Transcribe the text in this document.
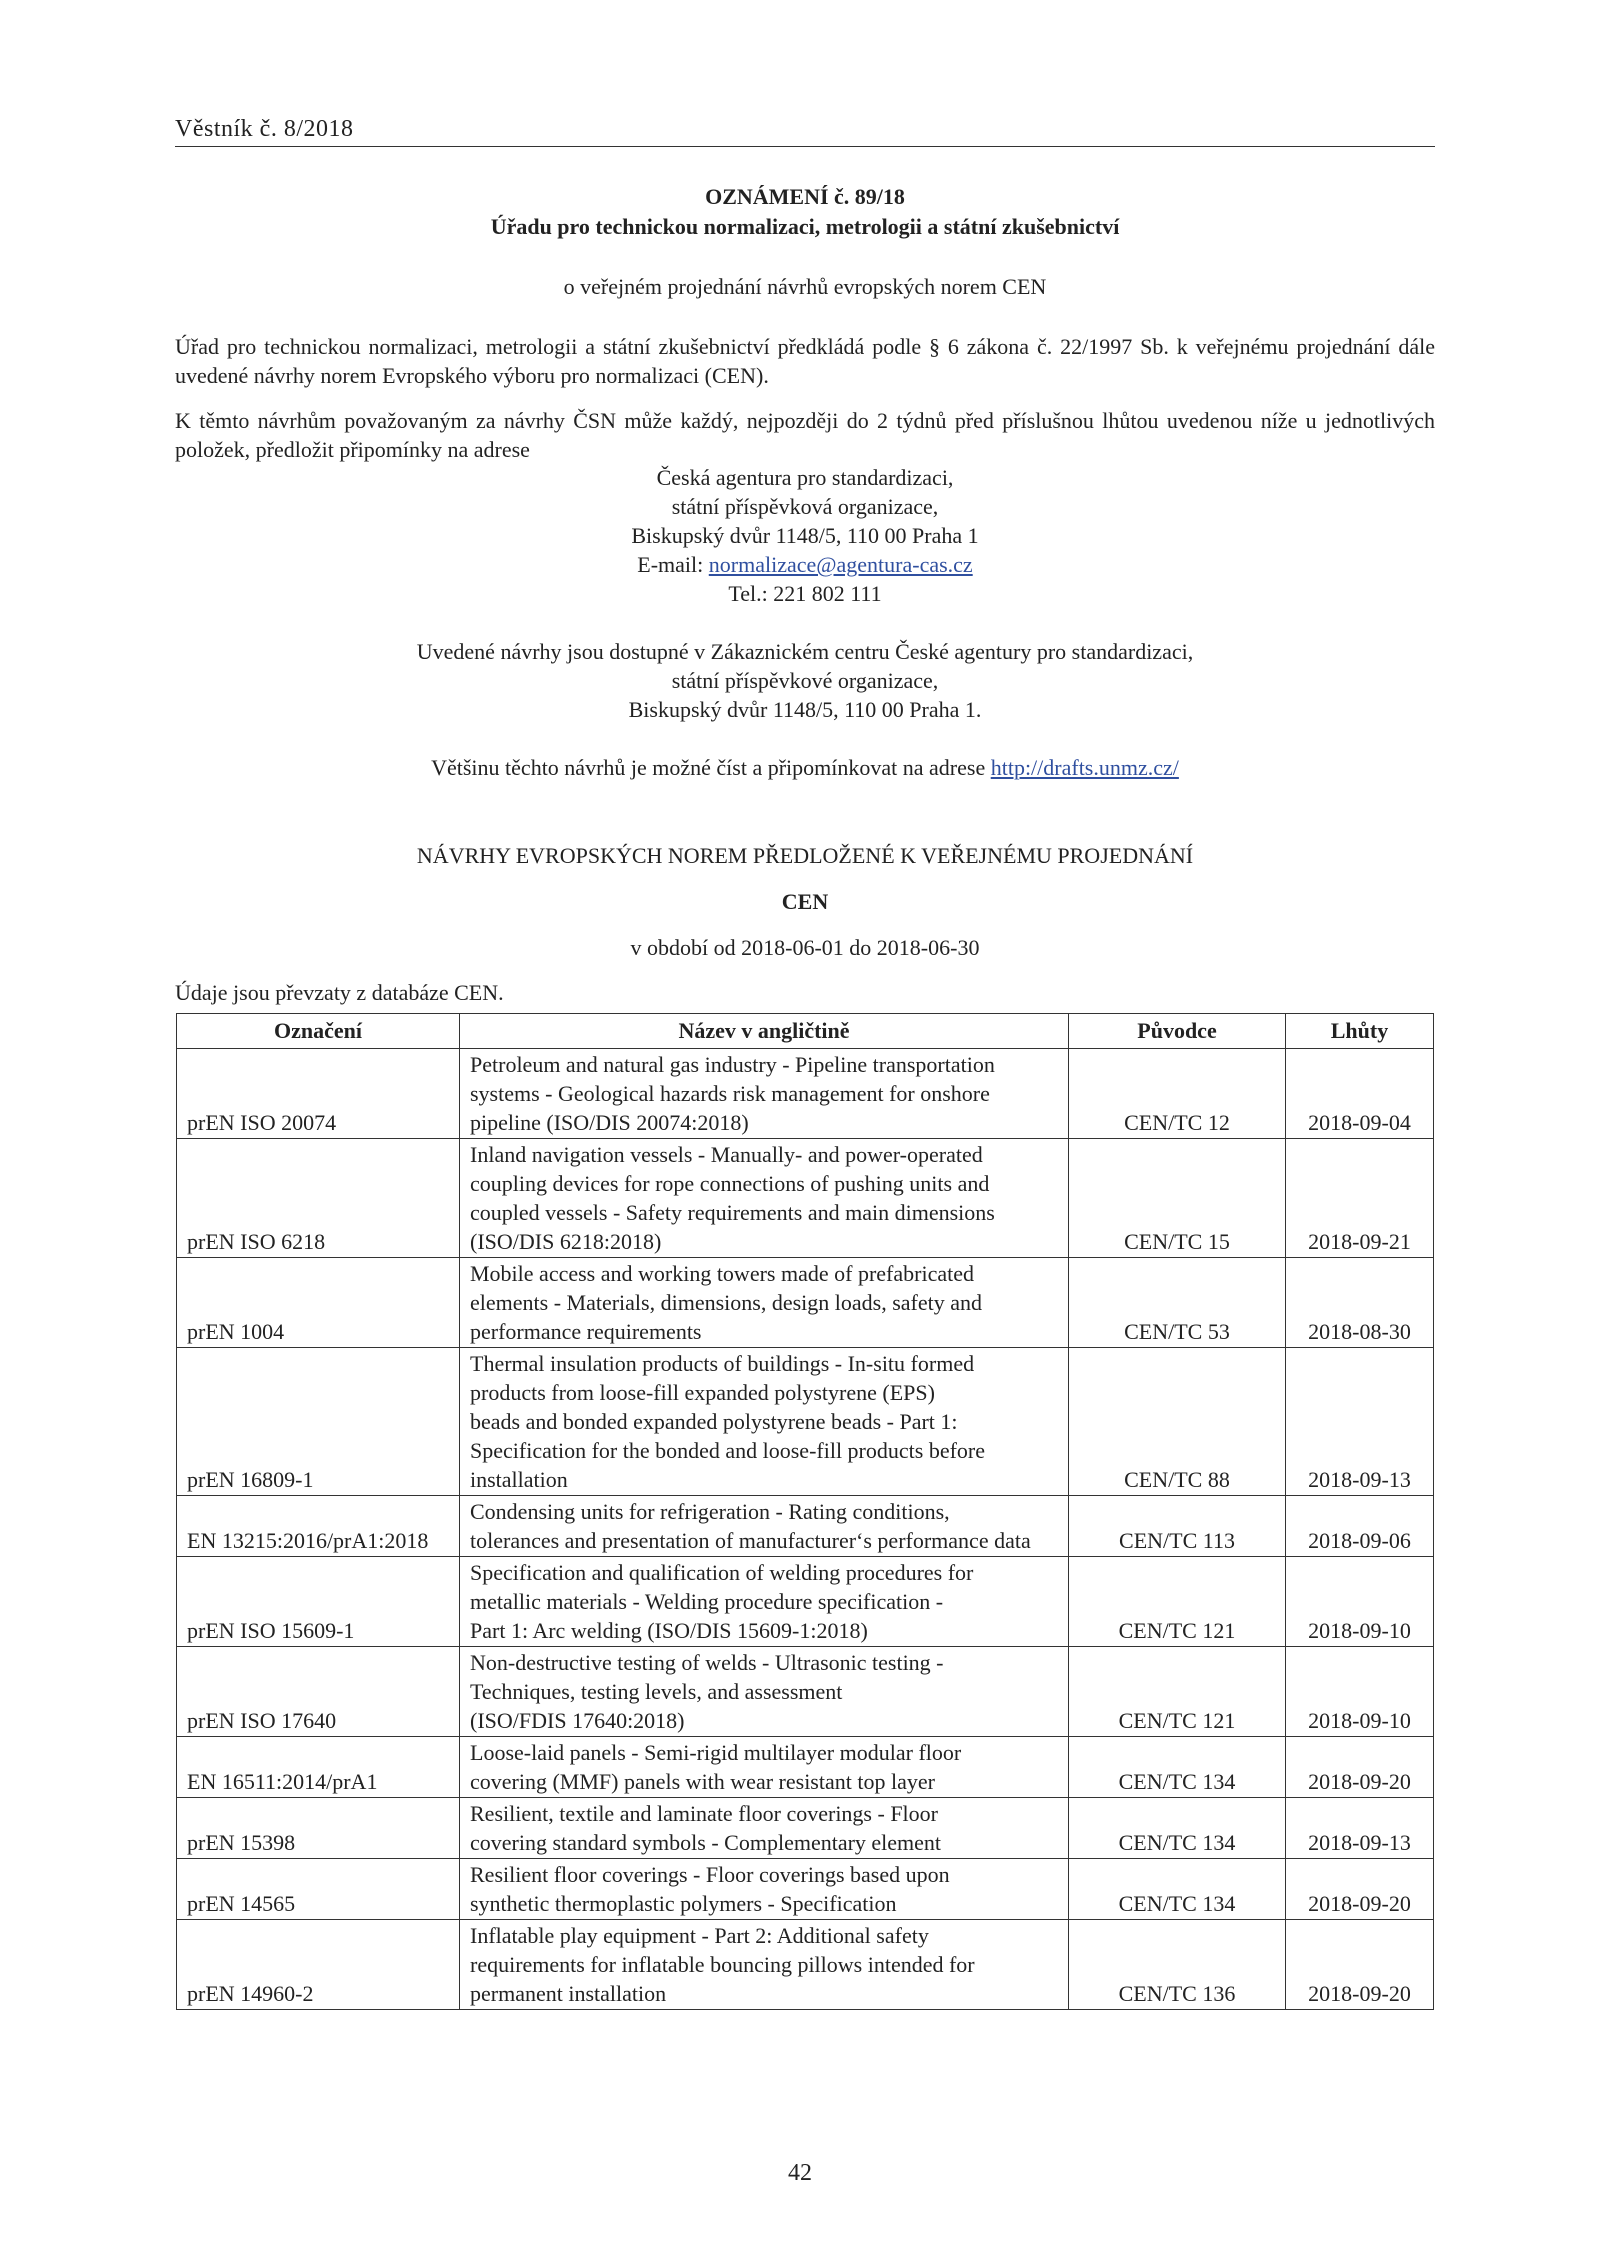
Věstník č. 8/2018
OZNÁMENÍ č. 89/18
Úřadu pro technickou normalizaci, metrologii a státní zkušebnictví
o veřejném projednání návrhů evropských norem CEN
Úřad pro technickou normalizaci, metrologii a státní zkušebnictví předkládá podle § 6 zákona č. 22/1997 Sb. k veřejnému projednání dále uvedené návrhy norem Evropského výboru pro normalizaci (CEN).
K těmto návrhům považovaným za návrhy ČSN může každý, nejpozději do 2 týdnů před příslušnou lhůtou uvedenou níže u jednotlivých položek, předložit připomínky na adrese
Česká agentura pro standardizaci,
státní příspěvková organizace,
Biskupský dvůr 1148/5, 110 00 Praha 1
E-mail: normalizace@agentura-cas.cz
Tel.: 221 802 111
Uvedené návrhy jsou dostupné v Zákaznickém centru České agentury pro standardizaci,
státní příspěvkové organizace,
Biskupský dvůr 1148/5, 110 00 Praha 1.
Většinu těchto návrhů je možné číst a připomínkovat na adrese http://drafts.unmz.cz/
NÁVRHY EVROPSKÝCH NOREM PŘEDLOŽENÉ K VEŘEJNÉMU PROJEDNÁNÍ
CEN
v období od 2018-06-01 do 2018-06-30
Údaje jsou převzaty z databáze CEN.
Označení	Název v angličtině	Původce	Lhůty
prEN ISO 20074	Petroleum and natural gas industry - Pipeline transportation
systems - Geological hazards risk management for onshore
pipeline (ISO/DIS 20074:2018)	CEN/TC 12	2018-09-04
prEN ISO 6218	Inland navigation vessels - Manually- and power-operated
coupling devices for rope connections of pushing units and
coupled vessels - Safety requirements and main dimensions
(ISO/DIS 6218:2018)	CEN/TC 15	2018-09-21
prEN 1004	Mobile access and working towers made of prefabricated
elements - Materials, dimensions, design loads, safety and
performance requirements	CEN/TC 53	2018-08-30
prEN 16809-1	Thermal insulation products of buildings - In-situ formed
products from loose-fill expanded polystyrene (EPS)
beads and bonded expanded polystyrene beads - Part 1:
Specification for the bonded and loose-fill products before
installation	CEN/TC 88	2018-09-13
EN 13215:2016/prA1:2018	Condensing units for refrigeration - Rating conditions,
tolerances and presentation of manufacturer‘s performance data	CEN/TC 113	2018-09-06
prEN ISO 15609-1	Specification and qualification of welding procedures for
metallic materials - Welding procedure specification -
Part 1: Arc welding (ISO/DIS 15609-1:2018)	CEN/TC 121	2018-09-10
prEN ISO 17640	Non-destructive testing of welds - Ultrasonic testing -
Techniques, testing levels, and assessment
(ISO/FDIS 17640:2018)	CEN/TC 121	2018-09-10
EN 16511:2014/prA1	Loose-laid panels - Semi-rigid multilayer modular floor
covering (MMF) panels with wear resistant top layer	CEN/TC 134	2018-09-20
prEN 15398	Resilient, textile and laminate floor coverings - Floor
covering standard symbols - Complementary element	CEN/TC 134	2018-09-13
prEN 14565	Resilient floor coverings - Floor coverings based upon
synthetic thermoplastic polymers - Specification	CEN/TC 134	2018-09-20
prEN 14960-2	Inflatable play equipment - Part 2: Additional safety
requirements for inflatable bouncing pillows intended for
permanent installation	CEN/TC 136	2018-09-20
42
